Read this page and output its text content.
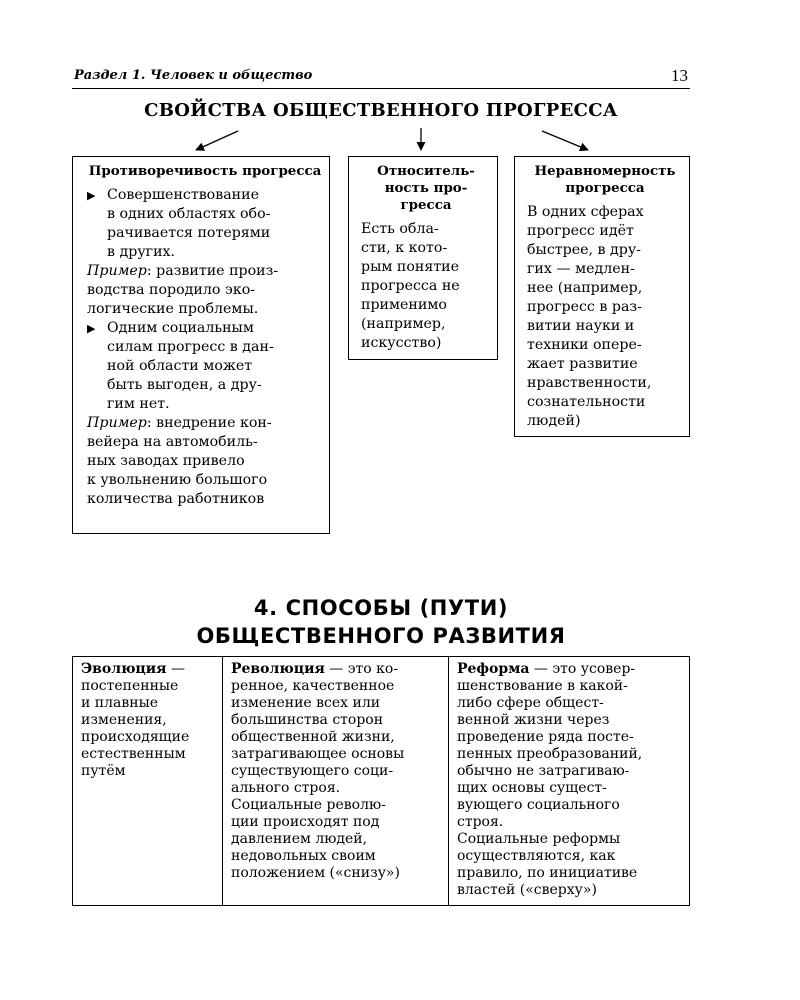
Раздел 1. Человек и общество	13
СВОЙСТВА ОБЩЕСТВЕННОГО ПРОГРЕССА
Противоречивость прогресса
▶ Совершенствование
в одних областях обо-
рачивается потерями
в других.
Пример: развитие произ-
водства породило эко-
логические проблемы.
▶ Одним социальным
силам прогресс в дан-
ной области может
быть выгоден, а дру-
гим нет.
Пример: внедрение кон-
вейера на автомобиль-
ных заводах привело
к увольнению большого
количества работников
Относитель-
ность про-
гресса
Есть обла-
сти, к кото-
рым понятие
прогресса не
применимо
(например,
искусство)
Неравномерность
прогресса
В одних сферах
прогресс идёт
быстрее, в дру-
гих — медлен-
нее (например,
прогресс в раз-
витии науки и
техники опере-
жает развитие
нравственности,
сознательности
людей)
4. СПОСОБЫ (ПУТИ)
ОБЩЕСТВЕННОГО РАЗВИТИЯ
Эволюция —
постепенные
и плавные
изменения,
происходящие
естественным
путём
Революция — это ко-
ренное, качественное
изменение всех или
большинства сторон
общественной жизни,
затрагивающее основы
существующего соци-
ального строя.
Социальные револю-
ции происходят под
давлением людей,
недовольных своим
положением («снизу»)
Реформа — это усовер-
шенствование в какой-
либо сфере общест-
венной жизни через
проведение ряда посте-
пенных преобразований,
обычно не затрагиваю-
щих основы сущест-
вующего социального
строя.
Социальные реформы
осуществляются, как
правило, по инициативе
властей («сверху»)
